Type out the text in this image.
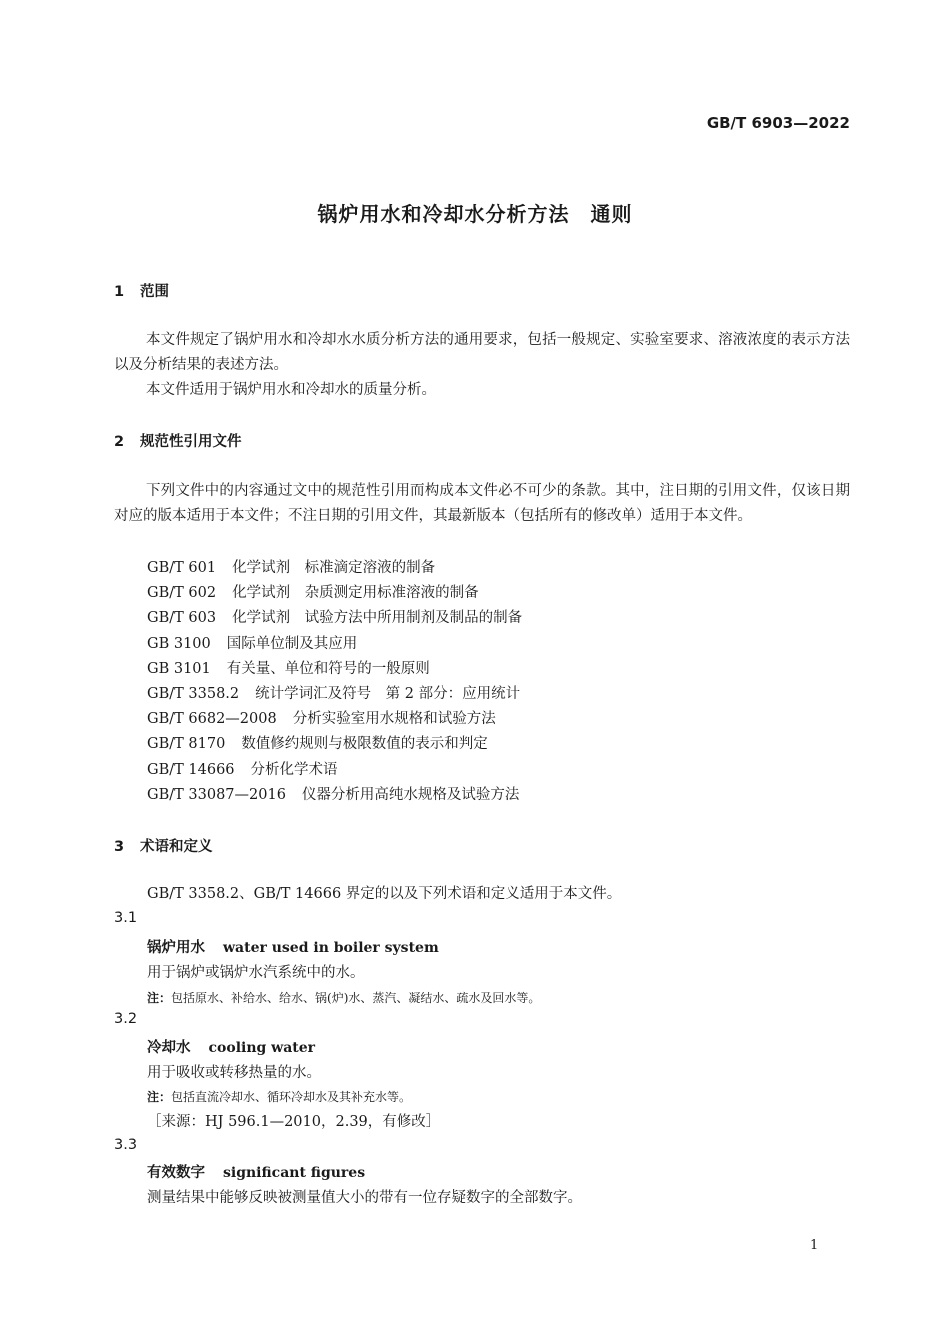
GB/T 6903—2022
锅炉用水和冷却水分析方法　通则
1 范围
本文件规定了锅炉用水和冷却水水质分析方法的通用要求，包括一般规定、实验室要求、溶液浓度的表示方法以及分析结果的表述方法。
本文件适用于锅炉用水和冷却水的质量分析。
2 规范性引用文件
下列文件中的内容通过文中的规范性引用而构成本文件必不可少的条款。其中，注日期的引用文件，仅该日期对应的版本适用于本文件；不注日期的引用文件，其最新版本（包括所有的修改单）适用于本文件。
GB/T 601 化学试剂　标准滴定溶液的制备
GB/T 602 化学试剂　杂质测定用标准溶液的制备
GB/T 603 化学试剂　试验方法中所用制剂及制品的制备
GB 3100 国际单位制及其应用
GB 3101 有关量、单位和符号的一般原则
GB/T 3358.2 统计学词汇及符号　第 2 部分：应用统计
GB/T 6682—2008 分析实验室用水规格和试验方法
GB/T 8170 数值修约规则与极限数值的表示和判定
GB/T 14666 分析化学术语
GB/T 33087—2016 仪器分析用高纯水规格及试验方法
3 术语和定义
GB/T 3358.2、GB/T 14666 界定的以及下列术语和定义适用于本文件。
3.1
锅炉用水 water used in boiler system
用于锅炉或锅炉水汽系统中的水。
注：包括原水、补给水、给水、锅(炉)水、蒸汽、凝结水、疏水及回水等。
3.2
冷却水 cooling water
用于吸收或转移热量的水。
注：包括直流冷却水、循环冷却水及其补充水等。
［来源：HJ 596.1—2010，2.39，有修改］
3.3
有效数字 significant figures
测量结果中能够反映被测量值大小的带有一位存疑数字的全部数字。
1
